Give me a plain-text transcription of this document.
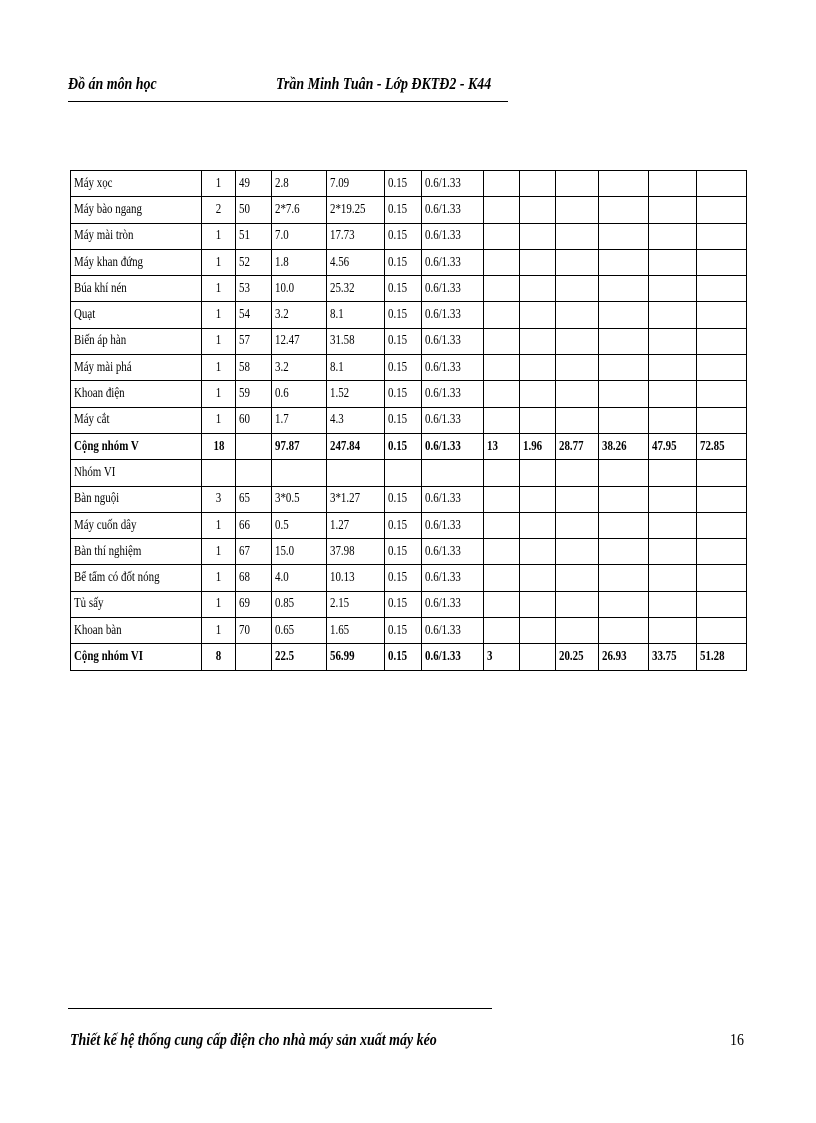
Đồ án môn học	Trần Minh Tuân - Lớp ĐKTĐ2 - K44
Máy xọc	1	49	2.8	7.09	0.15	0.6/1.33						
Máy bào ngang	2	50	2*7.6	2*19.25	0.15	0.6/1.33						
Máy mài tròn	1	51	7.0	17.73	0.15	0.6/1.33						
Máy khan đứng	1	52	1.8	4.56	0.15	0.6/1.33						
Búa khí nén	1	53	10.0	25.32	0.15	0.6/1.33						
Quạt	1	54	3.2	8.1	0.15	0.6/1.33						
Biến áp hàn	1	57	12.47	31.58	0.15	0.6/1.33						
Máy mài phá	1	58	3.2	8.1	0.15	0.6/1.33						
Khoan điện	1	59	0.6	1.52	0.15	0.6/1.33						
Máy cắt	1	60	1.7	4.3	0.15	0.6/1.33						
Cộng nhóm V	18		97.87	247.84	0.15	0.6/1.33	13	1.96	28.77	38.26	47.95	72.85
Nhóm VI												
Bàn nguội	3	65	3*0.5	3*1.27	0.15	0.6/1.33						
Máy cuốn dây	1	66	0.5	1.27	0.15	0.6/1.33						
Bàn thí nghiệm	1	67	15.0	37.98	0.15	0.6/1.33						
Bể tẩm có đốt nóng	1	68	4.0	10.13	0.15	0.6/1.33						
Tủ sấy	1	69	0.85	2.15	0.15	0.6/1.33						
Khoan bàn	1	70	0.65	1.65	0.15	0.6/1.33						
Cộng nhóm VI	8		22.5	56.99	0.15	0.6/1.33	3		20.25	26.93	33.75	51.28
Thiết kế hệ thống cung cấp điện cho nhà máy sản xuất máy kéo	16
